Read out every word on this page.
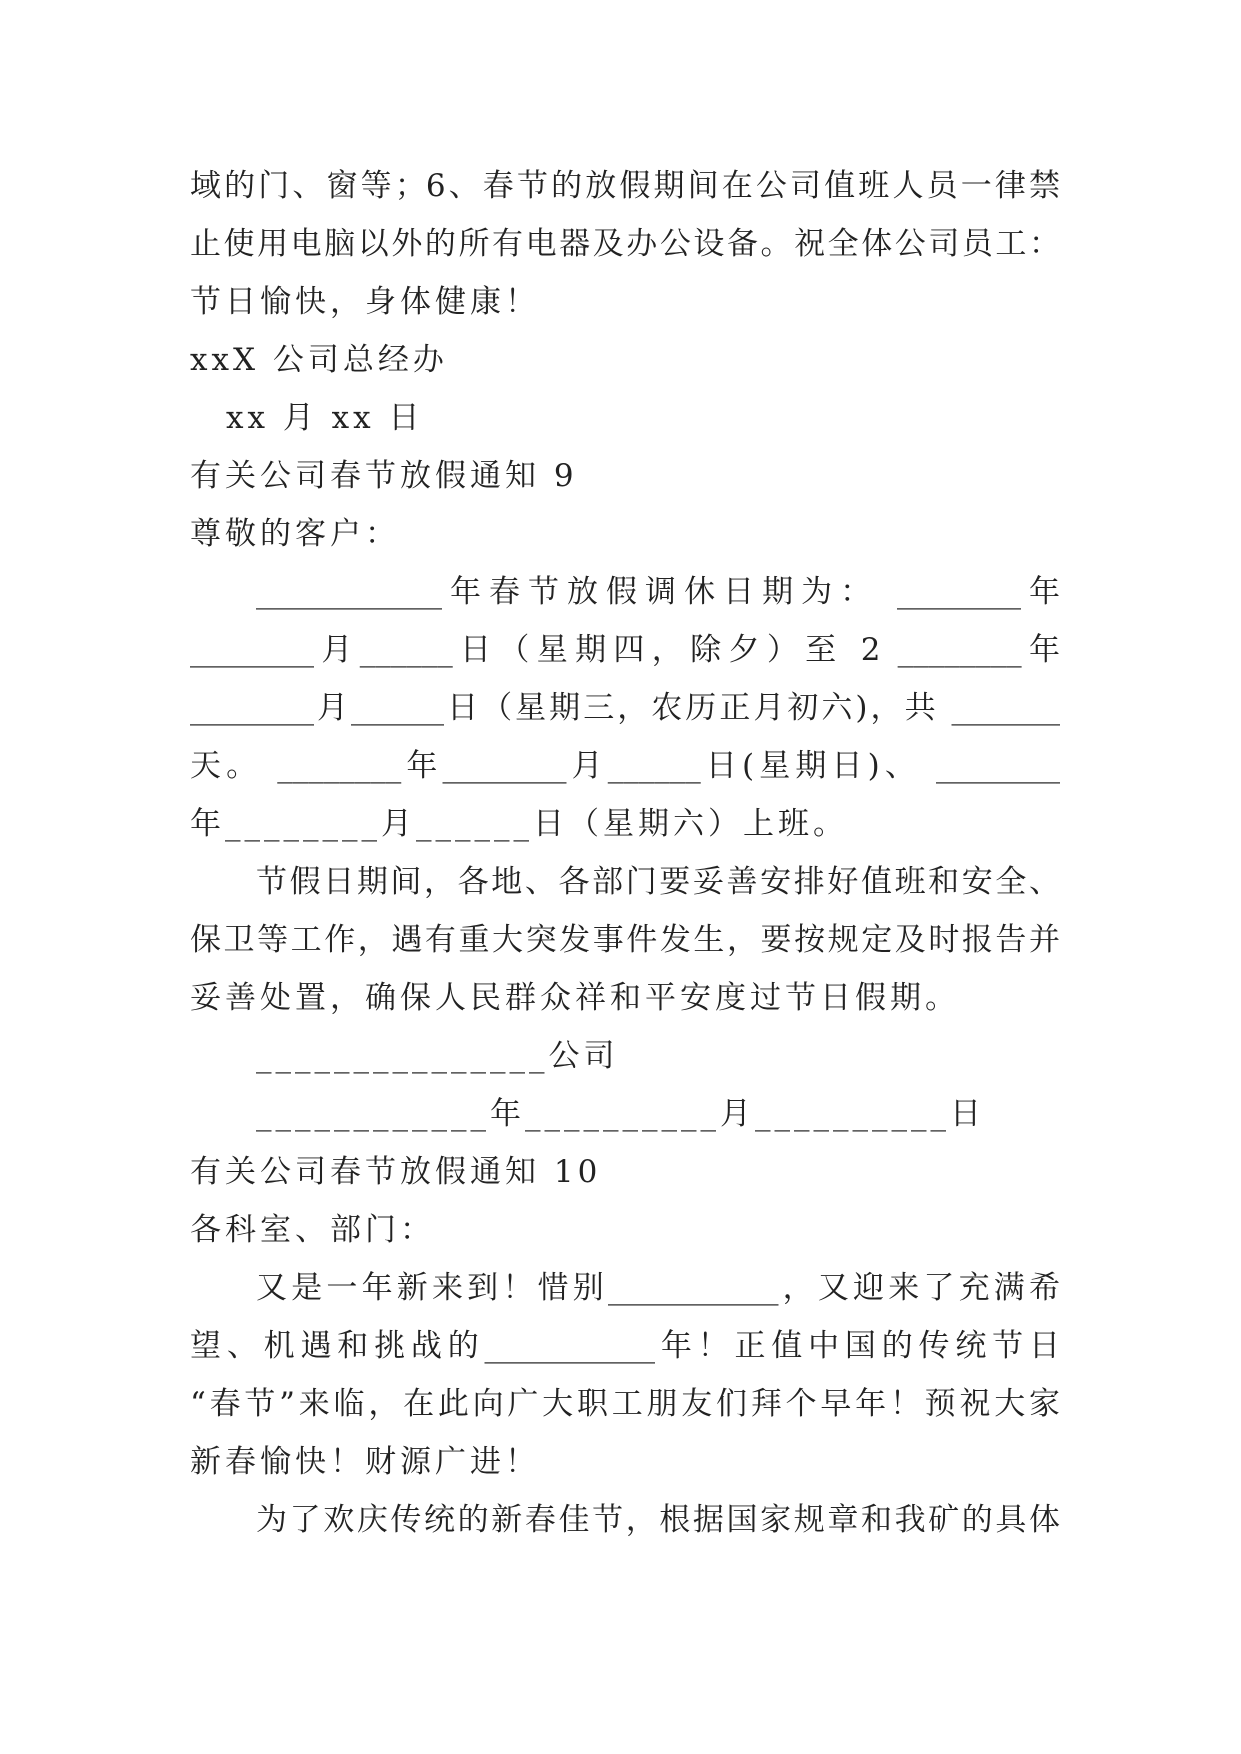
域的门、窗等；6、春节的放假期间在公司值班人员一律禁
止使用电脑以外的所有电器及办公设备。祝全体公司员工：
节日愉快，身体健康！
xxX 公司总经办
xx 月 xx 日
有关公司春节放假通知 9
尊敬的客户：
____________年春节放假调休日期为： ________年
________月______日（星期四，除夕）至 2 ________年
________月______日（星期三，农历正月初六)，共 _______
天。 ________年________月______日(星期日)、 ________
年________月______日（星期六）上班。
节假日期间，各地、各部门要妥善安排好值班和安全、
保卫等工作，遇有重大突发事件发生，要按规定及时报告并
妥善处置，确保人民群众祥和平安度过节日假期。
_______________公司
____________年__________月__________日
有关公司春节放假通知 10
各科室、部门：
又是一年新来到！惜别___________，又迎来了充满希
望、机遇和挑战的___________年！正值中国的传统节日
“春节”来临，在此向广大职工朋友们拜个早年！预祝大家
新春愉快！财源广进！
为了欢庆传统的新春佳节，根据国家规章和我矿的具体
